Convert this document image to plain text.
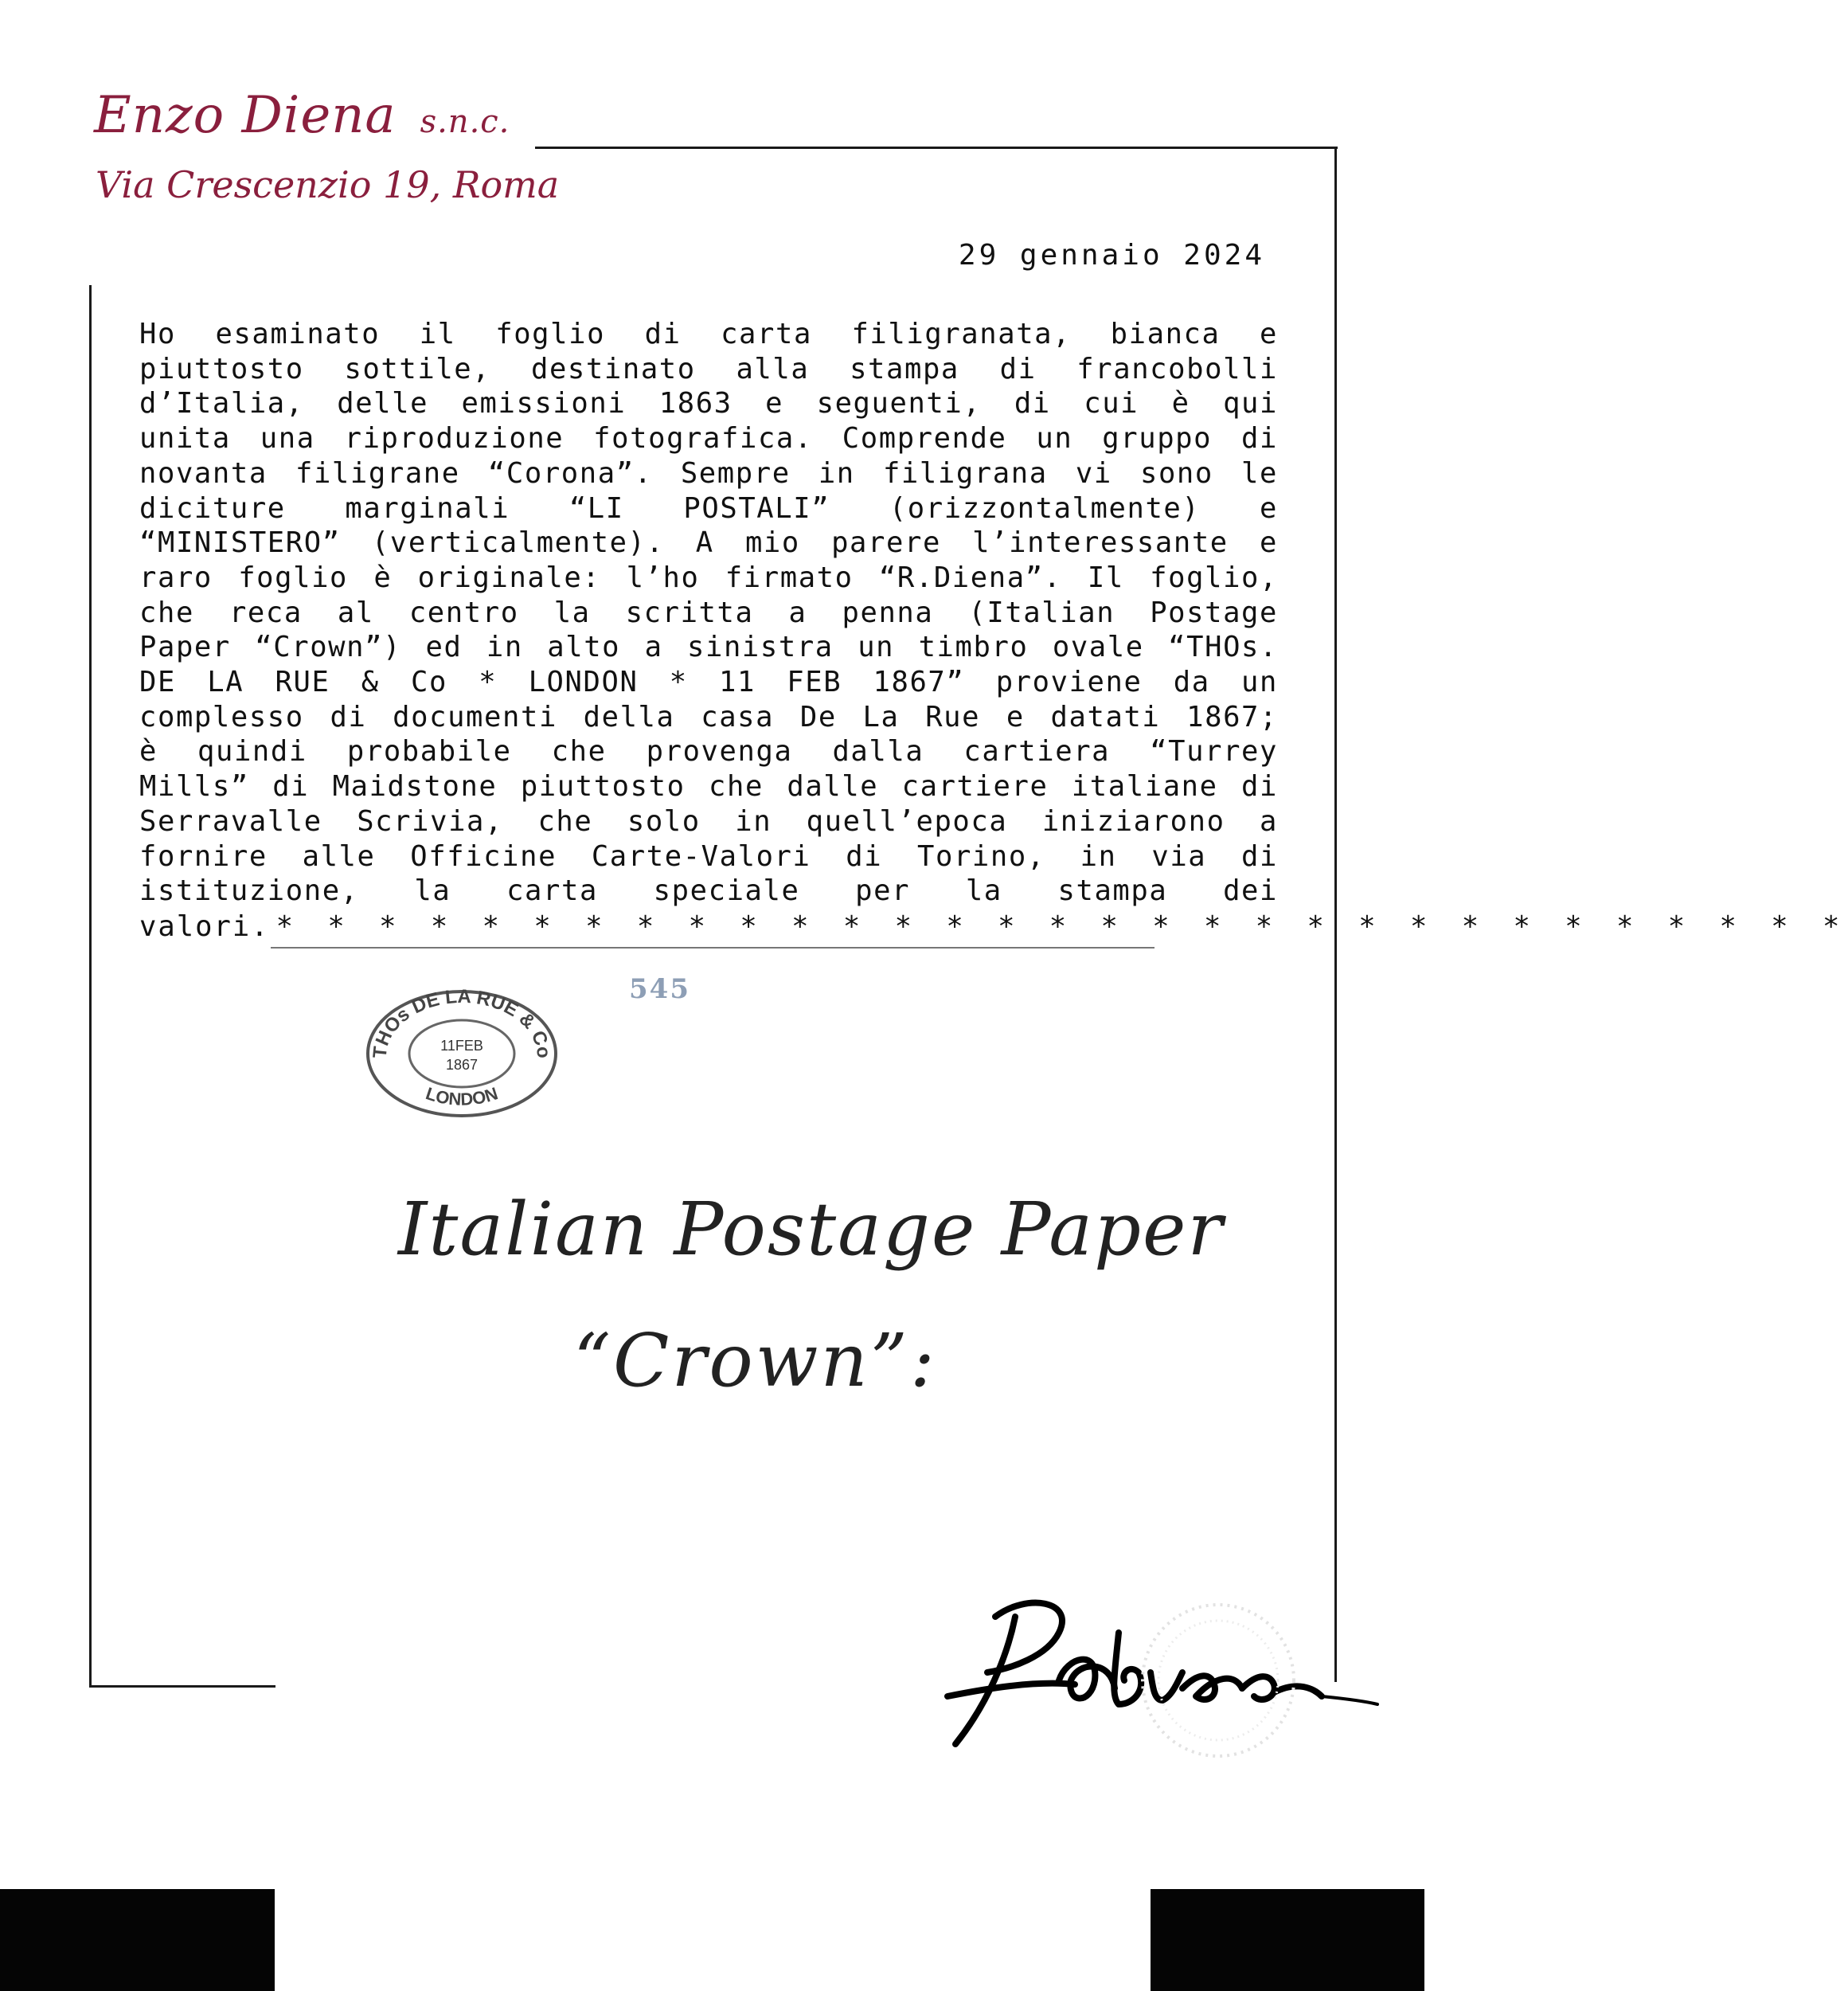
Enzo Diena s.n.c.
Via Crescenzio 19, Roma
29 gennaio 2024

Ho esaminato il foglio di carta filigranata, bianca e piuttosto sottile, destinato alla stampa di francobolli d’Italia, delle emissioni 1863 e seguenti, di cui è qui unita una riproduzione fotografica. Comprende un gruppo di novanta filigrane “Corona”. Sempre in filigrana vi sono le diciture marginali “LI POSTALI” (orizzontalmente) e “MINISTERO” (verticalmente). A mio parere l’interessante e raro foglio è originale: l’ho firmato “R.Diena”. Il foglio, che reca al centro la scritta a penna (Italian Postage Paper “Crown”) ed in alto a sinistra un timbro ovale “THOs. DE LA RUE & Co * LONDON * 11 FEB 1867” proviene da un complesso di documenti della casa De La Rue e datati 1867; è quindi probabile che provenga dalla cartiera “Turrey Mills” di Maidstone piuttosto che dalle cartiere italiane di Serravalle Scrivia, che solo in quell’epoca iniziarono a fornire alle Officine Carte-Valori di Torino, in via di istituzione, la carta speciale per la stampa dei

valori. * * * * * * * * * * * * * * * * * * * * * * * * * * * * * * *
545
THOs DE LA RUE & Co
LONDON
11FEB
1867
Italian Postage Paper
“Crown”:
